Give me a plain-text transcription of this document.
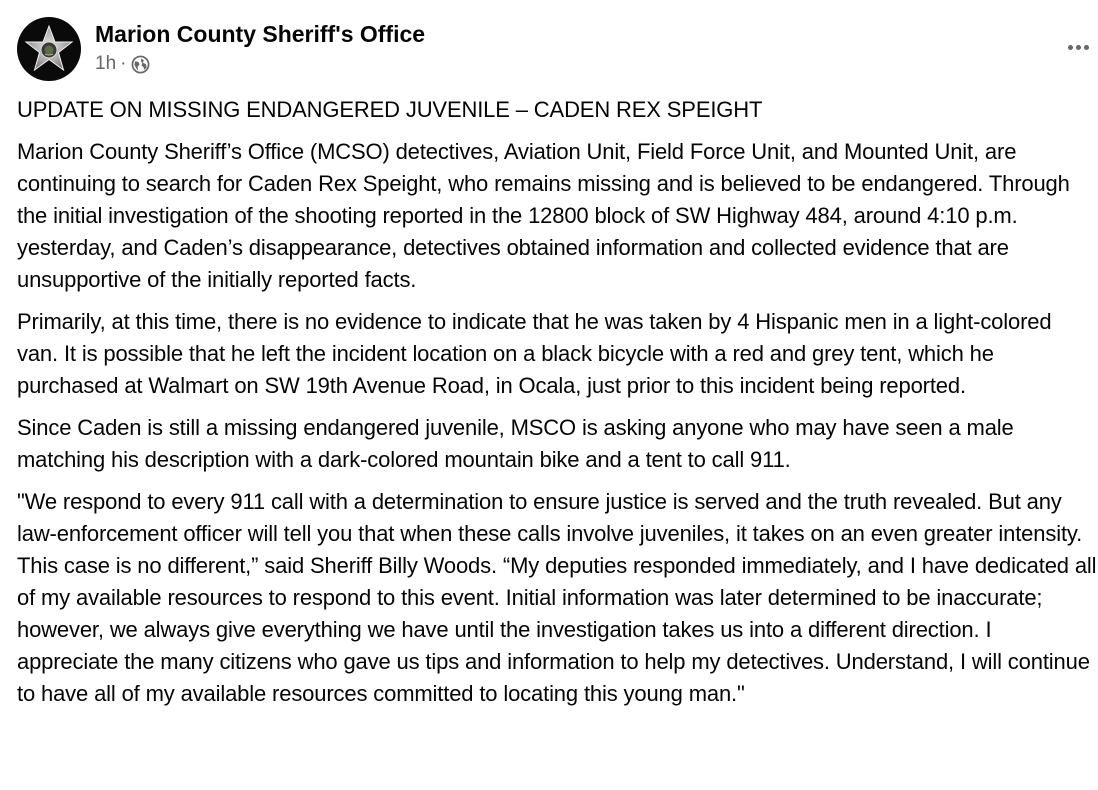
Marion County Sheriff's Office
1h ·

UPDATE ON MISSING ENDANGERED JUVENILE – CADEN REX SPEIGHT

Marion County Sheriff’s Office (MCSO) detectives, Aviation Unit, Field Force Unit, and Mounted Unit, are continuing to search for Caden Rex Speight, who remains missing and is believed to be endangered. Through the initial investigation of the shooting reported in the 12800 block of SW Highway 484, around 4:10 p.m. yesterday, and Caden’s disappearance, detectives obtained information and collected evidence that are unsupportive of the initially reported facts.

Primarily, at this time, there is no evidence to indicate that he was taken by 4 Hispanic men in a light-colored van. It is possible that he left the incident location on a black bicycle with a red and grey tent, which he purchased at Walmart on SW 19th Avenue Road, in Ocala, just prior to this incident being reported.

Since Caden is still a missing endangered juvenile, MSCO is asking anyone who may have seen a male matching his description with a dark-colored mountain bike and a tent to call 911.

"We respond to every 911 call with a determination to ensure justice is served and the truth revealed. But any law-enforcement officer will tell you that when these calls involve juveniles, it takes on an even greater intensity. This case is no different,” said Sheriff Billy Woods. “My deputies responded immediately, and I have dedicated all of my available resources to respond to this event. Initial information was later determined to be inaccurate; however, we always give everything we have until the investigation takes us into a different direction. I appreciate the many citizens who gave us tips and information to help my detectives. Understand, I will continue to have all of my available resources committed to locating this young man."
